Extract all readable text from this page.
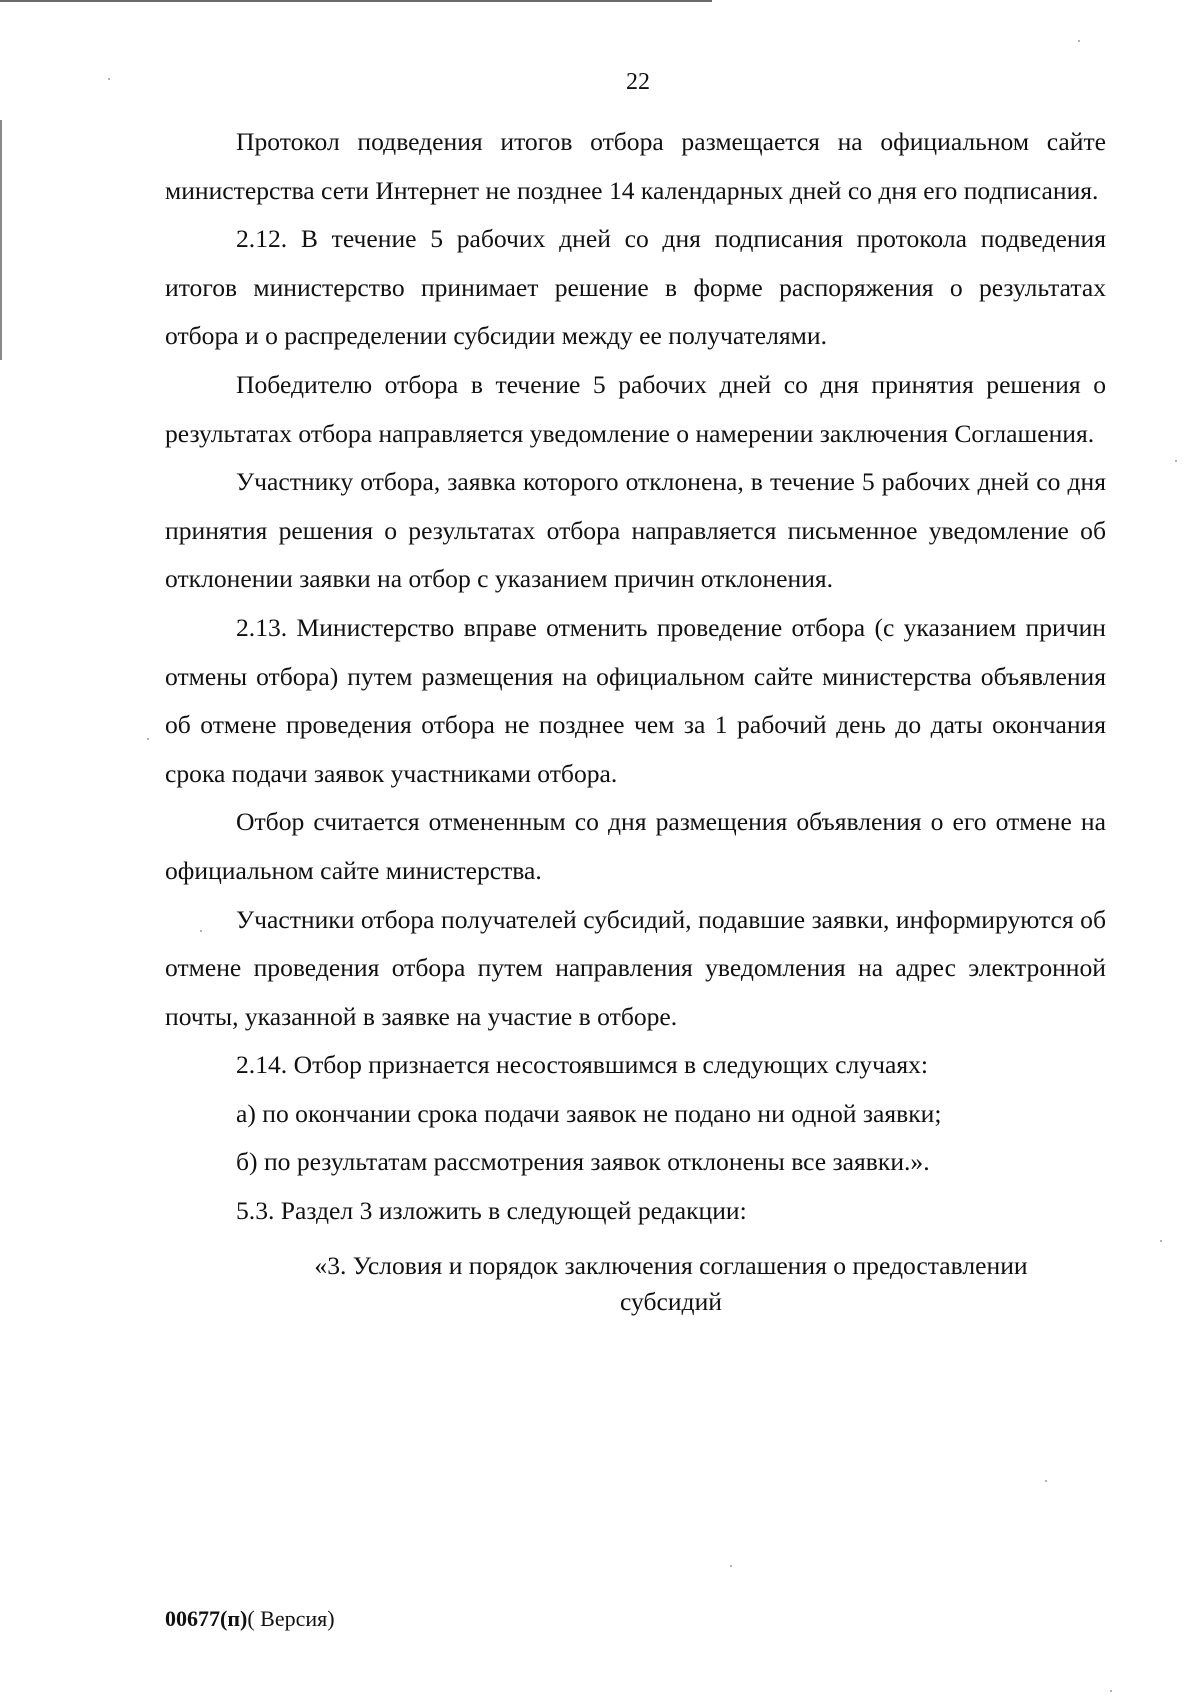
22

Протокол подведения итогов отбора размещается на официальном сайте министерства сети Интернет не позднее 14 календарных дней со дня его подписания.

2.12. В течение 5 рабочих дней со дня подписания протокола подведения итогов министерство принимает решение в форме распоряжения о результатах отбора и о распределении субсидии между ее получателями.

Победителю отбора в течение 5 рабочих дней со дня принятия решения о результатах отбора направляется уведомление о намерении заключения Соглашения.

Участнику отбора, заявка которого отклонена, в течение 5 рабочих дней со дня принятия решения о результатах отбора направляется письменное уведомление об отклонении заявки на отбор с указанием причин отклонения.

2.13. Министерство вправе отменить проведение отбора (с указанием причин отмены отбора) путем размещения на официальном сайте министерства объявления об отмене проведения отбора не позднее чем за 1 рабочий день до даты окончания срока подачи заявок участниками отбора.

Отбор считается отмененным со дня размещения объявления о его отмене на официальном сайте министерства.

Участники отбора получателей субсидий, подавшие заявки, информируются об отмене проведения отбора путем направления уведомления на адрес электронной почты, указанной в заявке на участие в отборе.

2.14. Отбор признается несостоявшимся в следующих случаях:

а) по окончании срока подачи заявок не подано ни одной заявки;

б) по результатам рассмотрения заявок отклонены все заявки.».

5.3. Раздел 3 изложить в следующей редакции:

«3. Условия и порядок заключения соглашения о предоставлении
субсидий
00677(п)( Версия)
